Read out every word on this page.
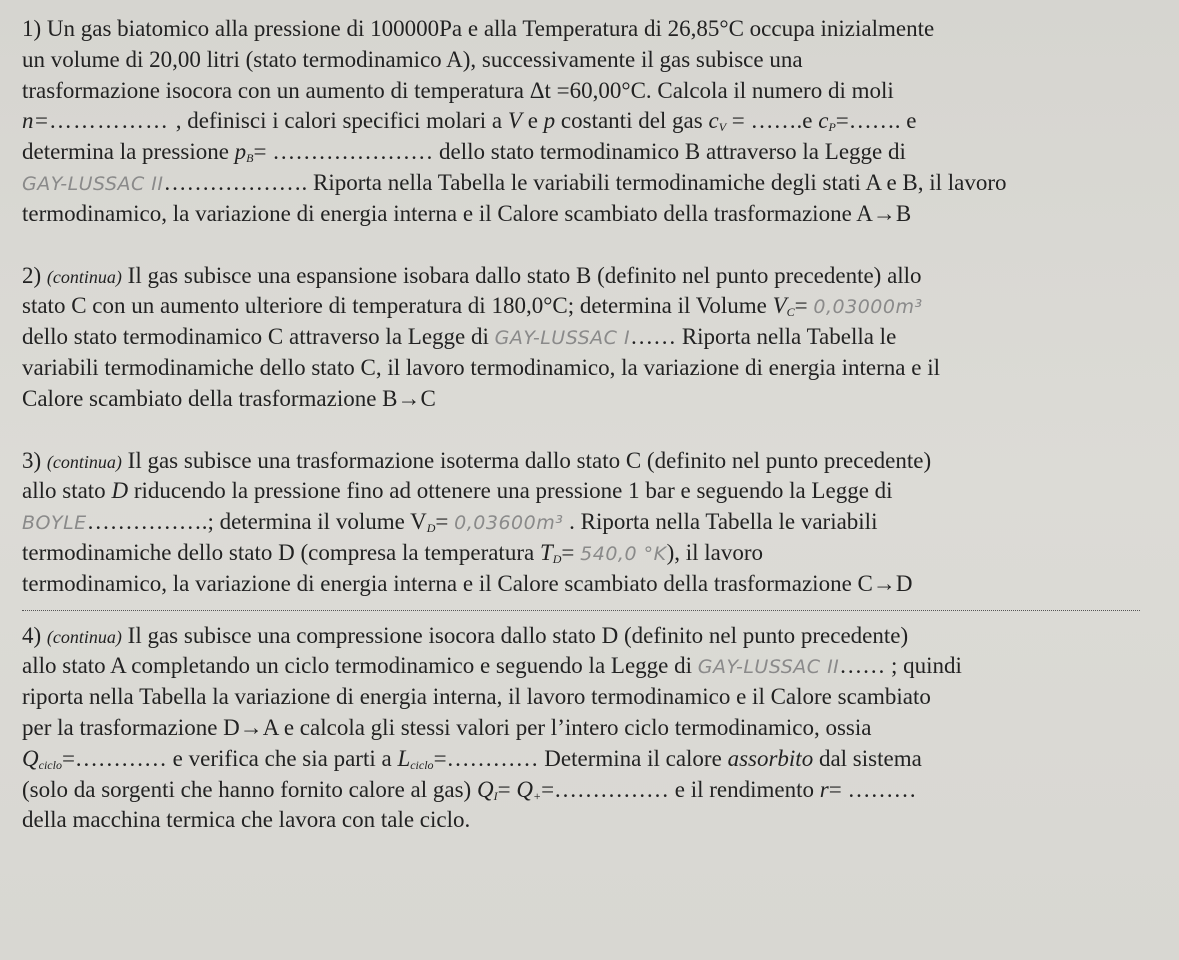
1) Un gas biatomico alla pressione di 100000Pa e alla Temperatura di 26,85°C occupa inizialmente
un volume di 20,00 litri (stato termodinamico A), successivamente il gas subisce una
trasformazione isocora con un aumento di temperatura Δt =60,00°C. Calcola il numero di moli
n=…………… , definisci i calori specifici molari a V e p costanti del gas $c_V$ = …….e $c_P=\dots\dots$. e
determina la pressione $p_B=$ ………………… dello stato termodinamico B attraverso la Legge di
GAY-LUSSAC II………………. Riporta nella Tabella le variabili termodinamiche degli stati A e B, il lavoro
termodinamico, la variazione di energia interna e il Calore scambiato della trasformazione A→B
2) (continua) Il gas subisce una espansione isobara dallo stato B (definito nel punto precedente) allo
stato C con un aumento ulteriore di temperatura di 180,0°C; determina il Volume $V_C= 0,03000m^3$
dello stato termodinamico C attraverso la Legge di GAY-LUSSAC I…… Riporta nella Tabella le
variabili termodinamiche dello stato C, il lavoro termodinamico, la variazione di energia interna e il
Calore scambiato della trasformazione B→C
3) (continua) Il gas subisce una trasformazione isoterma dallo stato C (definito nel punto precedente)
allo stato D riducendo la pressione fino ad ottenere una pressione 1 bar e seguendo la Legge di
BOYLE…………….; determina il volume $V_D= 0,03600m^3$ . Riporta nella Tabella le variabili
termodinamiche dello stato D (compresa la temperatura $T_D= 540,0$ °K), il lavoro
termodinamico, la variazione di energia interna e il Calore scambiato della trasformazione C→D
4) (continua) Il gas subisce una compressione isocora dallo stato D (definito nel punto precedente)
allo stato A completando un ciclo termodinamico e seguendo la Legge di GAY-LUSSAC II…… ; quindi
riporta nella Tabella la variazione di energia interna, il lavoro termodinamico e il Calore scambiato
per la trasformazione D→A e calcola gli stessi valori per l’intero ciclo termodinamico, ossia
$Q_{ciclo}=\dots\dots\dots\dots$ e verifica che sia parti a $L_{ciclo}=\dots\dots\dots\dots$ Determina il calore assorbito dal sistema
(solo da sorgenti che hanno fornito calore al gas) $Q_I=$ $Q_+=\dots\dots\dots\dots\dots$ e il rendimento r= ………
della macchina termica che lavora con tale ciclo.
